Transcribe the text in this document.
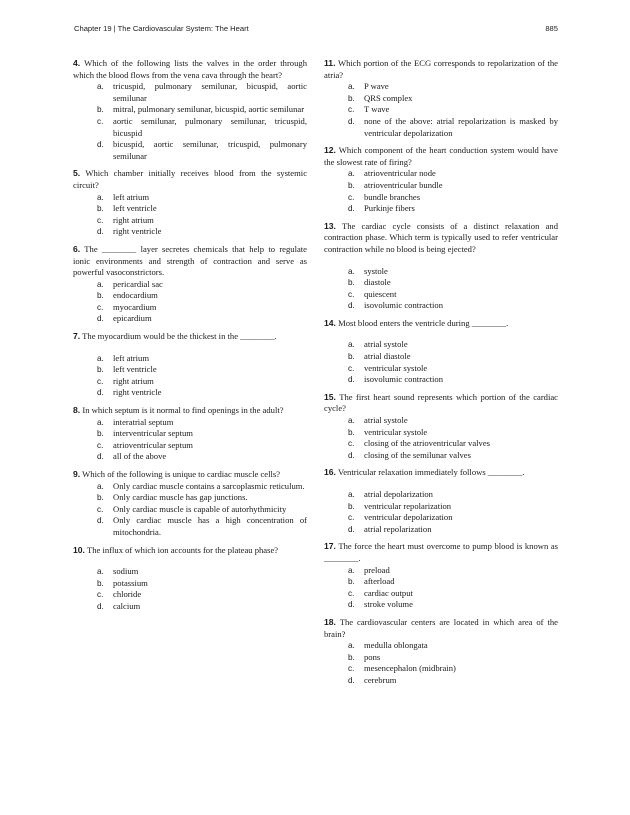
Chapter 19 | The Cardiovascular System: The Heart	885
4. Which of the following lists the valves in the order through which the blood flows from the vena cava through the heart?
a. tricuspid, pulmonary semilunar, bicuspid, aortic semilunar
b. mitral, pulmonary semilunar, bicuspid, aortic semilunar
c. aortic semilunar, pulmonary semilunar, tricuspid, bicuspid
d. bicuspid, aortic semilunar, tricuspid, pulmonary semilunar
5. Which chamber initially receives blood from the systemic circuit?
a. left atrium
b. left ventricle
c. right atrium
d. right ventricle
6. The ________ layer secretes chemicals that help to regulate ionic environments and strength of contraction and serve as powerful vasoconstrictors.
a. pericardial sac
b. endocardium
c. myocardium
d. epicardium
7. The myocardium would be the thickest in the ________.
a. left atrium
b. left ventricle
c. right atrium
d. right ventricle
8. In which septum is it normal to find openings in the adult?
a. interatrial septum
b. interventricular septum
c. atrioventricular septum
d. all of the above
9. Which of the following is unique to cardiac muscle cells?
a. Only cardiac muscle contains a sarcoplasmic reticulum.
b. Only cardiac muscle has gap junctions.
c. Only cardiac muscle is capable of autorhythmicity
d. Only cardiac muscle has a high concentration of mitochondria.
10. The influx of which ion accounts for the plateau phase?
a. sodium
b. potassium
c. chloride
d. calcium
11. Which portion of the ECG corresponds to repolarization of the atria?
a. P wave
b. QRS complex
c. T wave
d. none of the above: atrial repolarization is masked by ventricular depolarization
12. Which component of the heart conduction system would have the slowest rate of firing?
a. atrioventricular node
b. atrioventricular bundle
c. bundle branches
d. Purkinje fibers
13. The cardiac cycle consists of a distinct relaxation and contraction phase. Which term is typically used to refer ventricular contraction while no blood is being ejected?
a. systole
b. diastole
c. quiescent
d. isovolumic contraction
14. Most blood enters the ventricle during ________.
a. atrial systole
b. atrial diastole
c. ventricular systole
d. isovolumic contraction
15. The first heart sound represents which portion of the cardiac cycle?
a. atrial systole
b. ventricular systole
c. closing of the atrioventricular valves
d. closing of the semilunar valves
16. Ventricular relaxation immediately follows ________.
a. atrial depolarization
b. ventricular repolarization
c. ventricular depolarization
d. atrial repolarization
17. The force the heart must overcome to pump blood is known as ________.
a. preload
b. afterload
c. cardiac output
d. stroke volume
18. The cardiovascular centers are located in which area of the brain?
a. medulla oblongata
b. pons
c. mesencephalon (midbrain)
d. cerebrum
